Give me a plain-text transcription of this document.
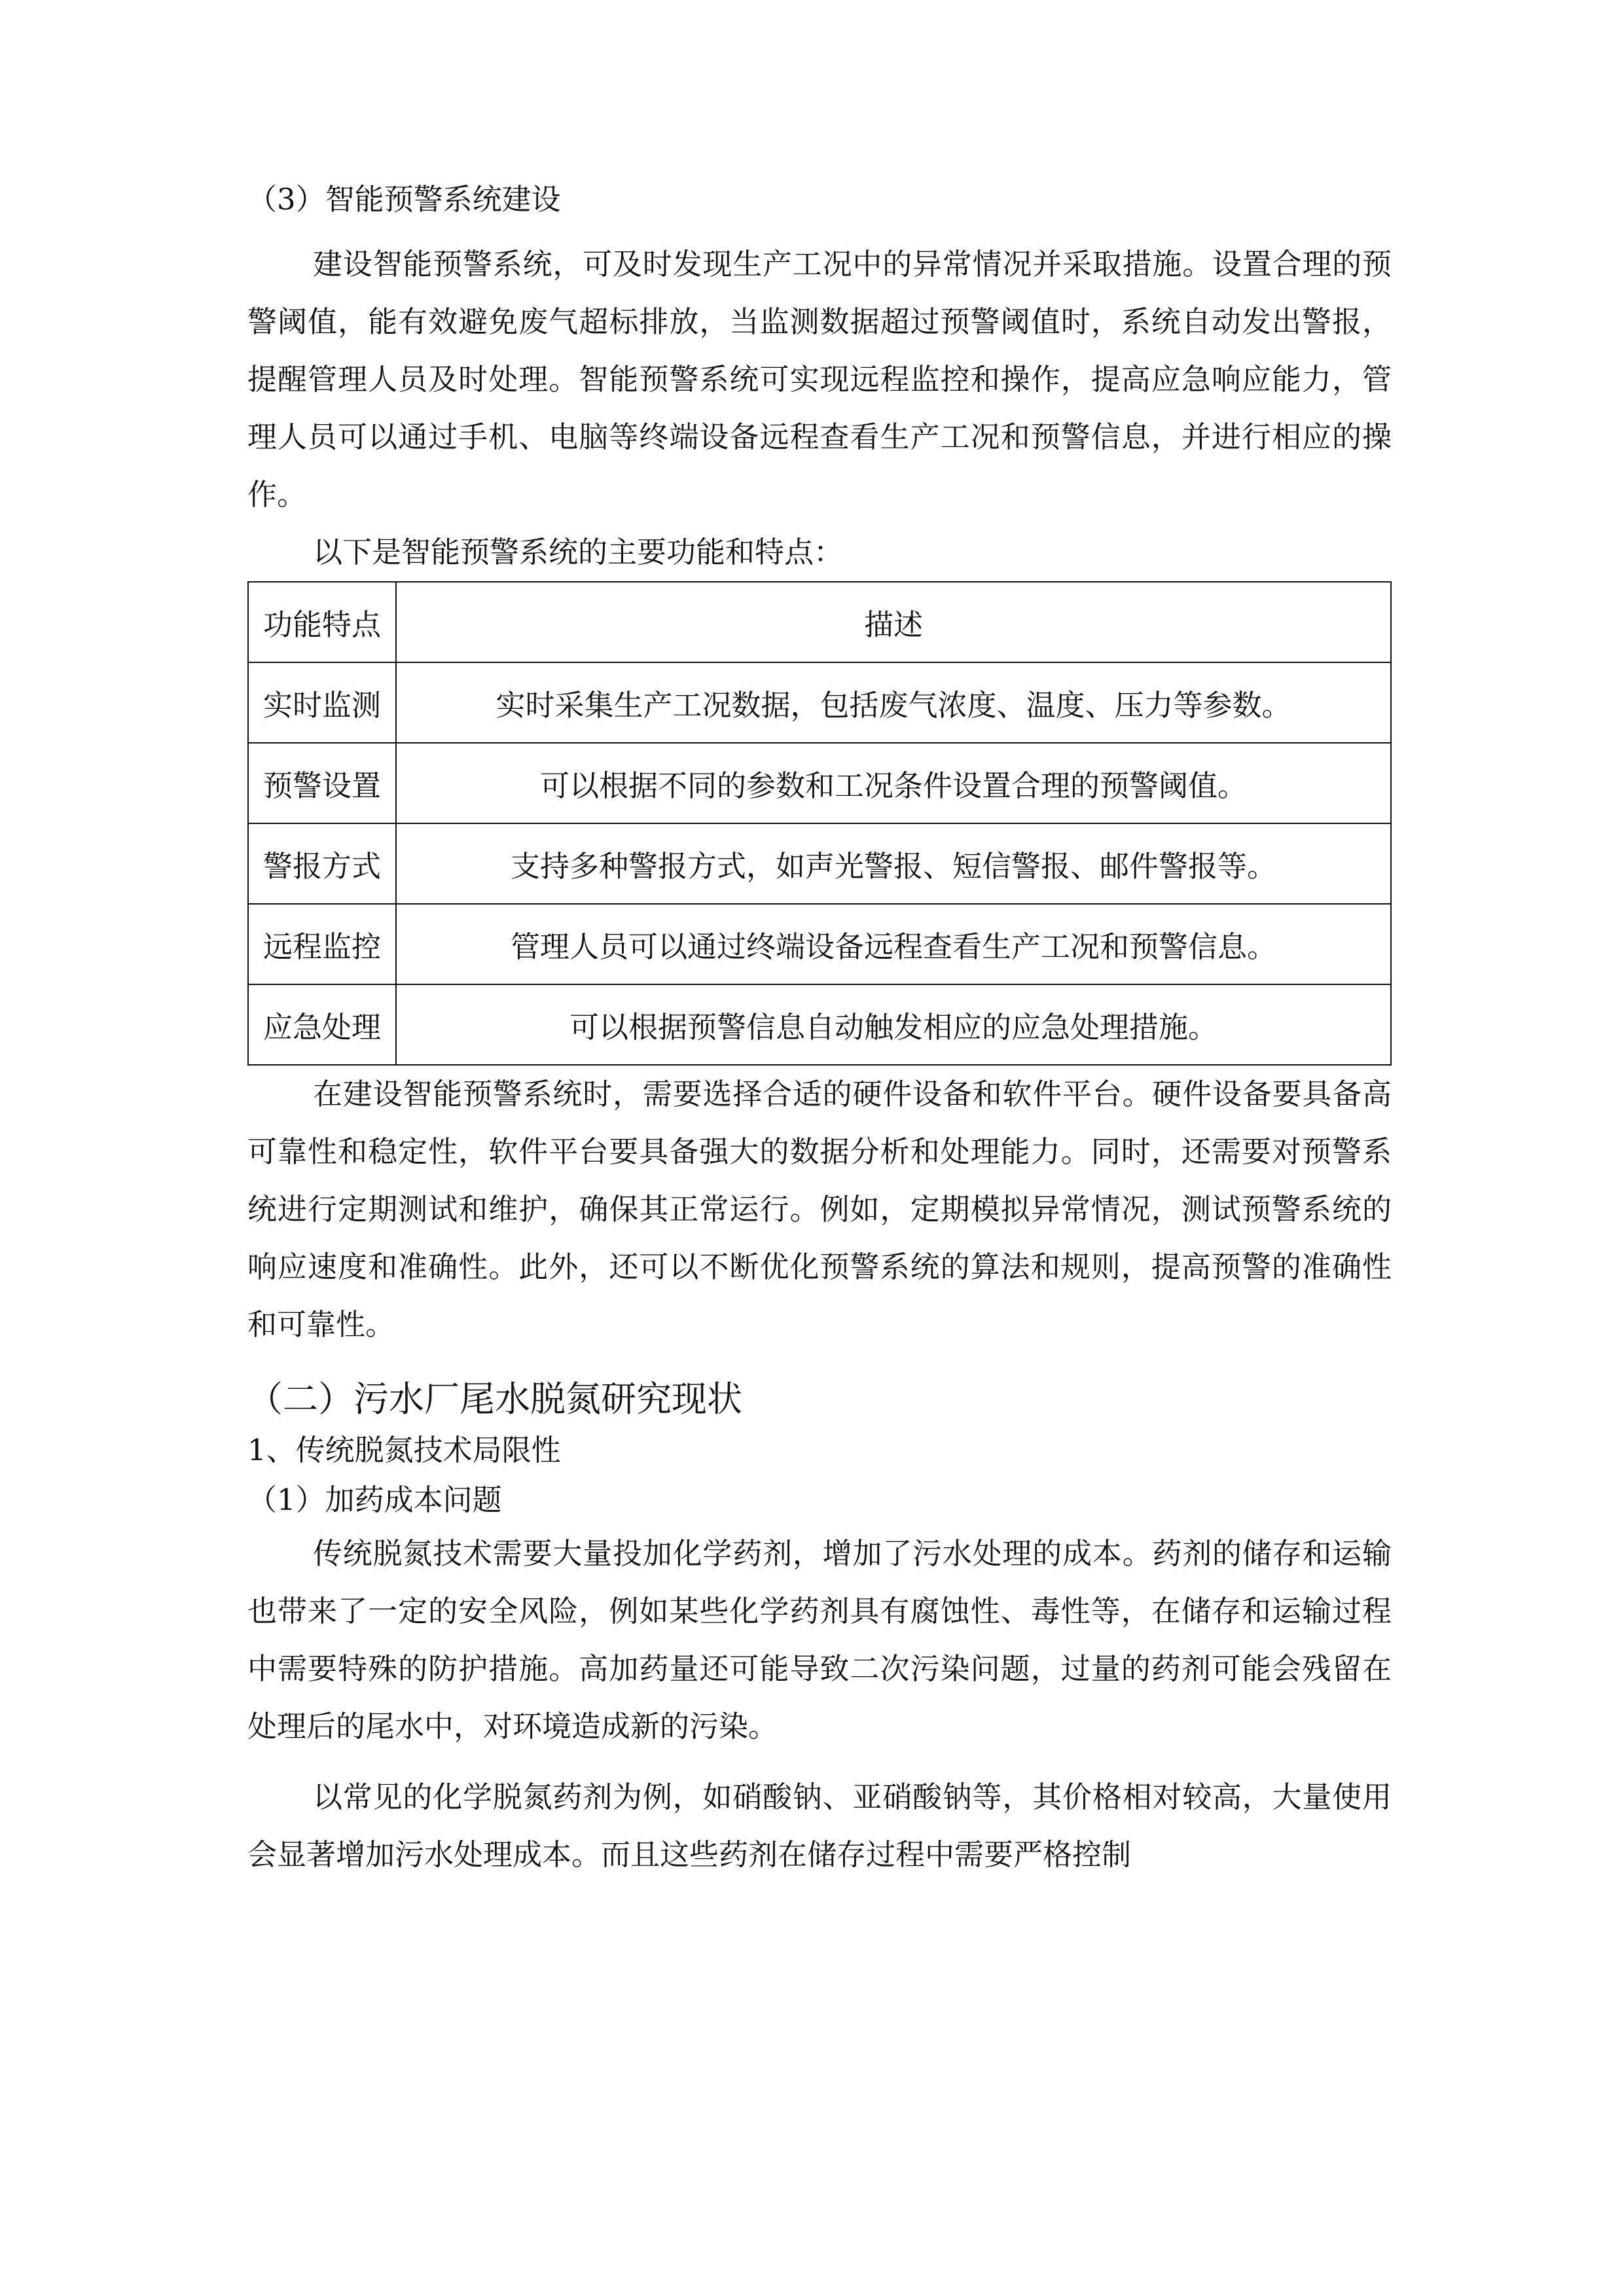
（3）智能预警系统建设

建设智能预警系统，可及时发现生产工况中的异常情况并采取措施。设置合理的预警阈值，能有效避免废气超标排放，当监测数据超过预警阈值时，系统自动发出警报，提醒管理人员及时处理。智能预警系统可实现远程监控和操作，提高应急响应能力，管理人员可以通过手机、电脑等终端设备远程查看生产工况和预警信息，并进行相应的操作。

以下是智能预警系统的主要功能和特点：

功能特点	描述
实时监测	实时采集生产工况数据，包括废气浓度、温度、压力等参数。
预警设置	可以根据不同的参数和工况条件设置合理的预警阈值。
警报方式	支持多种警报方式，如声光警报、短信警报、邮件警报等。
远程监控	管理人员可以通过终端设备远程查看生产工况和预警信息。
应急处理	可以根据预警信息自动触发相应的应急处理措施。

在建设智能预警系统时，需要选择合适的硬件设备和软件平台。硬件设备要具备高可靠性和稳定性，软件平台要具备强大的数据分析和处理能力。同时，还需要对预警系统进行定期测试和维护，确保其正常运行。例如，定期模拟异常情况，测试预警系统的响应速度和准确性。此外，还可以不断优化预警系统的算法和规则，提高预警的准确性和可靠性。

（二）污水厂尾水脱氮研究现状

1、传统脱氮技术局限性

（1）加药成本问题

传统脱氮技术需要大量投加化学药剂，增加了污水处理的成本。药剂的储存和运输也带来了一定的安全风险，例如某些化学药剂具有腐蚀性、毒性等，在储存和运输过程中需要特殊的防护措施。高加药量还可能导致二次污染问题，过量的药剂可能会残留在处理后的尾水中，对环境造成新的污染。

以常见的化学脱氮药剂为例，如硝酸钠、亚硝酸钠等，其价格相对较高，大量使用会显著增加污水处理成本。而且这些药剂在储存过程中需要严格控制
